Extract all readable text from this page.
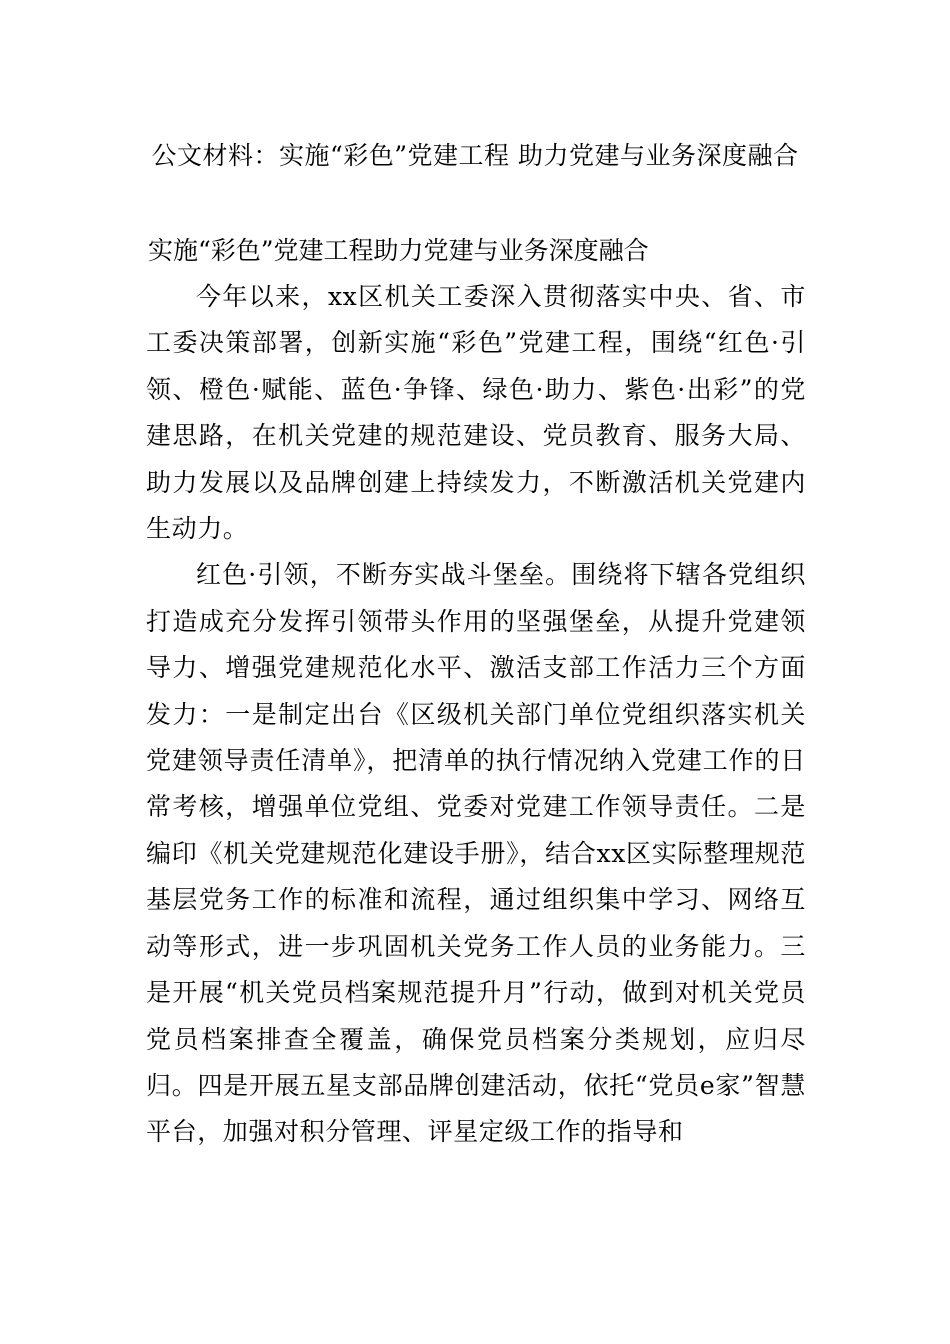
公文材料：实施“彩色”党建工程 助力党建与业务深度融合
实施“彩色”党建工程助力党建与业务深度融合

今年以来，xx区机关工委深入贯彻落实中央、省、市工委决策部署，创新实施“彩色”党建工程，围绕“红色·引领、橙色·赋能、蓝色·争锋、绿色·助力、紫色·出彩”的党建思路，在机关党建的规范建设、党员教育、服务大局、助力发展以及品牌创建上持续发力，不断激活机关党建内生动力。

红色·引领，不断夯实战斗堡垒。围绕将下辖各党组织打造成充分发挥引领带头作用的坚强堡垒，从提升党建领导力、增强党建规范化水平、激活支部工作活力三个方面发力：一是制定出台《区级机关部门单位党组织落实机关党建领导责任清单》，把清单的执行情况纳入党建工作的日常考核，增强单位党组、党委对党建工作领导责任。二是编印《机关党建规范化建设手册》，结合xx区实际整理规范基层党务工作的标准和流程，通过组织集中学习、网络互动等形式，进一步巩固机关党务工作人员的业务能力。三是开展“机关党员档案规范提升月”行动，做到对机关党员党员档案排查全覆盖，确保党员档案分类规划，应归尽归。四是开展五星支部品牌创建活动，依托“党员e家”智慧平台，加强对积分管理、评星定级工作的指导和
